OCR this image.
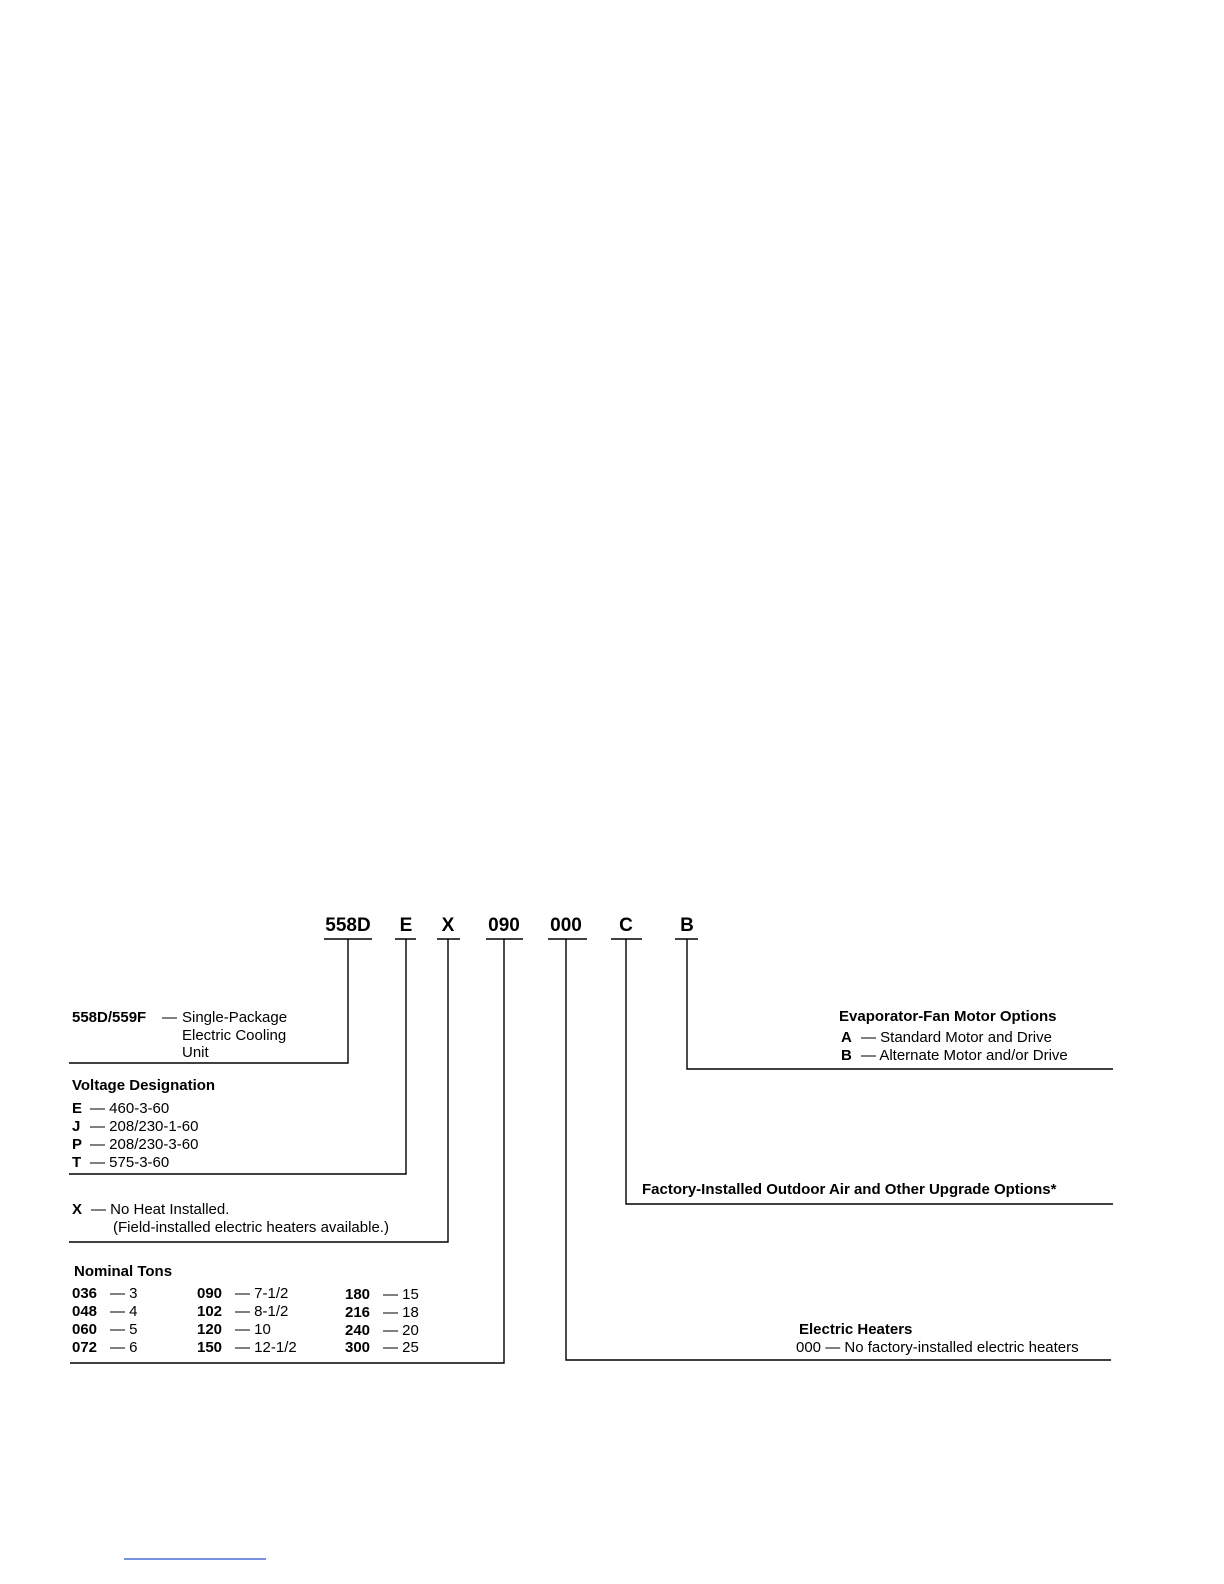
558D	E	X	090	000	C	B
558D/559F — Single-Package
Electric Cooling
Unit
Voltage Designation
E — 460-3-60
J — 208/230-1-60
P — 208/230-3-60
T — 575-3-60
X — No Heat Installed.
(Field-installed electric heaters available.)
Nominal Tons
036 — 3
048 — 4
060 — 5
072 — 6
090 — 7-1/2
102 — 8-1/2
120 — 10
150 — 12-1/2
180 — 15
216 — 18
240 — 20
300 — 25
Evaporator-Fan Motor Options
A — Standard Motor and Drive
B — Alternate Motor and/or Drive
Factory-Installed Outdoor Air and Other Upgrade Options*
Electric Heaters
000 — No factory-installed electric heaters
